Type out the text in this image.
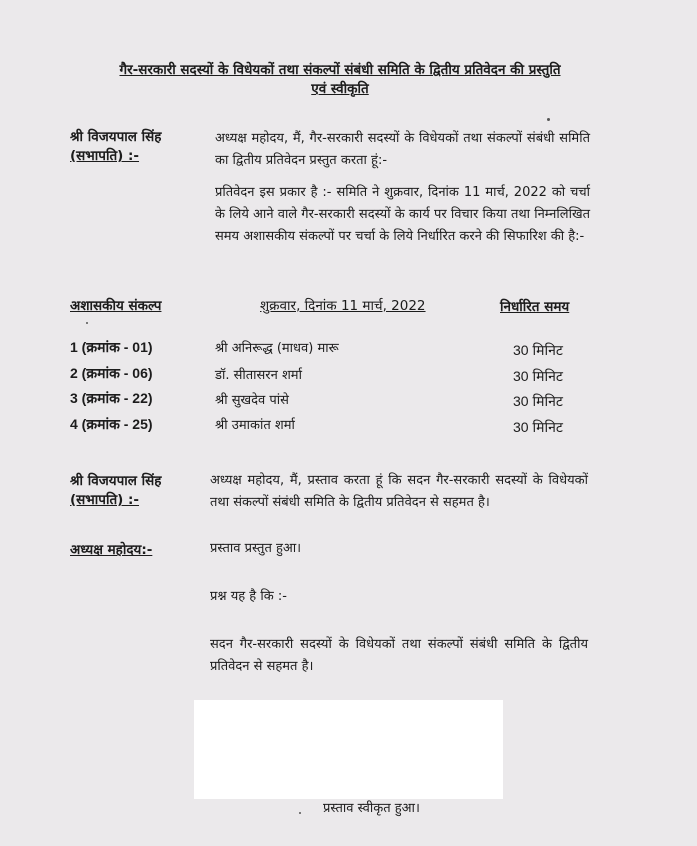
गैर-सरकारी सदस्यों के विधेयकों तथा संकल्पों संबंधी समिति के द्वितीय प्रतिवेदन की प्रस्तुति
एवं स्वीकृति
श्री विजयपाल सिंह
(सभापति) :-
अध्यक्ष महोदय, मैं, गैर-सरकारी सदस्यों के विधेयकों तथा संकल्पों संबंधी समिति का द्वितीय प्रतिवेदन प्रस्तुत करता हूं:-
प्रतिवेदन इस प्रकार है :- समिति ने शुक्रवार, दिनांक 11 मार्च, 2022 को चर्चा के लिये आने वाले गैर-सरकारी सदस्यों के कार्य पर विचार किया तथा निम्नलिखित समय अशासकीय संकल्पों पर चर्चा के लिये निर्धारित करने की सिफारिश की है:-
अशासकीय संकल्प	शुक्रवार, दिनांक 11 मार्च, 2022	निर्धारित समय
1 (क्रमांक - 01)	श्री अनिरूद्ध (माधव) मारू	30 मिनिट
2 (क्रमांक - 06)	डॉ. सीतासरन शर्मा	30 मिनिट
3 (क्रमांक - 22)	श्री सुखदेव पांसे	30 मिनिट
4 (क्रमांक - 25)	श्री उमाकांत शर्मा	30 मिनिट
श्री विजयपाल सिंह
(सभापति) :-
अध्यक्ष महोदय, मैं, प्रस्ताव करता हूं कि सदन गैर-सरकारी सदस्यों के विधेयकों तथा संकल्पों संबंधी समिति के द्वितीय प्रतिवेदन से सहमत है।
अध्यक्ष महोदय:-	प्रस्ताव प्रस्तुत हुआ।
प्रश्न यह है कि :-
सदन गैर-सरकारी सदस्यों के विधेयकों तथा संकल्पों संबंधी समिति के द्वितीय प्रतिवेदन से सहमत है।
प्रस्ताव स्वीकृत हुआ।
